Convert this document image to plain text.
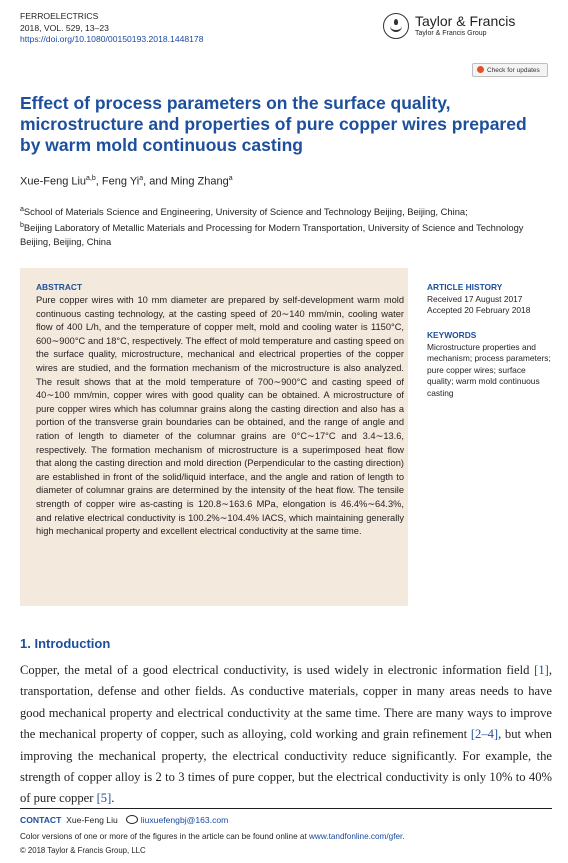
FERROELECTRICS
2018, VOL. 529, 13–23
https://doi.org/10.1080/00150193.2018.1448178
Taylor & Francis
Taylor & Francis Group
Check for updates
Effect of process parameters on the surface quality, microstructure and properties of pure copper wires prepared by warm mold continuous casting
Xue-Feng Liu$^{a,b}$, Feng Yi$^a$, and Ming Zhang$^a$
$^a$School of Materials Science and Engineering, University of Science and Technology Beijing, Beijing, China;
$^b$Beijing Laboratory of Metallic Materials and Processing for Modern Transportation, University of Science and Technology Beijing, Beijing, China
ABSTRACT
Pure copper wires with 10 mm diameter are prepared by self-development warm mold continuous casting technology, at the casting speed of 20∼140 mm/min, cooling water flow of 400 L/h, and the temperature of copper melt, mold and cooling water is 1150°C, 600∼900°C and 18°C, respectively. The effect of mold temperature and casting speed on the surface quality, microstructure, mechanical and electrical properties of the copper wires are studied, and the formation mechanism of the microstructure is also analyzed. The result shows that at the mold temperature of 700∼900°C and casting speed of 40∼100 mm/min, copper wires with good quality can be obtained. A microstructure of pure copper wires which has columnar grains along the casting direction and also has a portion of the transverse grain boundaries can be obtained, and the range of angle and ration of length to diameter of the columnar grains are 0°C∼17°C and 3.4∼13.6, respectively. The formation mechanism of microstructure is a superimposed heat flow that along the casting direction and mold direction (Perpendicular to the casting direction) are established in front of the solid/liquid interface, and the angle and ration of length to diameter of columnar grains are determined by the intensity of the heat flow. The tensile strength of copper wire as-casting is 120.8∼163.6 MPa, elongation is 46.4%∼64.3%, and relative electrical conductivity is 100.2%∼104.4% IACS, which maintaining generally high mechanical property and excellent electrical conductivity at the same time.
ARTICLE HISTORY
Received 17 August 2017
Accepted 20 February 2018
KEYWORDS
Microstructure properties and mechanism; process parameters; pure copper wires; surface quality; warm mold continuous casting
1. Introduction
Copper, the metal of a good electrical conductivity, is used widely in electronic information field [1], transportation, defense and other fields. As conductive materials, copper in many areas needs to have good mechanical property and electrical conductivity at the same time. There are many ways to improve the mechanical property of copper, such as alloying, cold working and grain refinement [2–4], but when improving the mechanical property, the electrical conductivity reduce significantly. For example, the strength of copper alloy is 2 to 3 times of pure copper, but the electrical conductivity is only 10% to 40% of pure copper [5].
CONTACT Xue-Feng Liu	liuxuefengbj@163.com
Color versions of one or more of the figures in the article can be found online at www.tandfonline.com/gfer.
© 2018 Taylor & Francis Group, LLC
